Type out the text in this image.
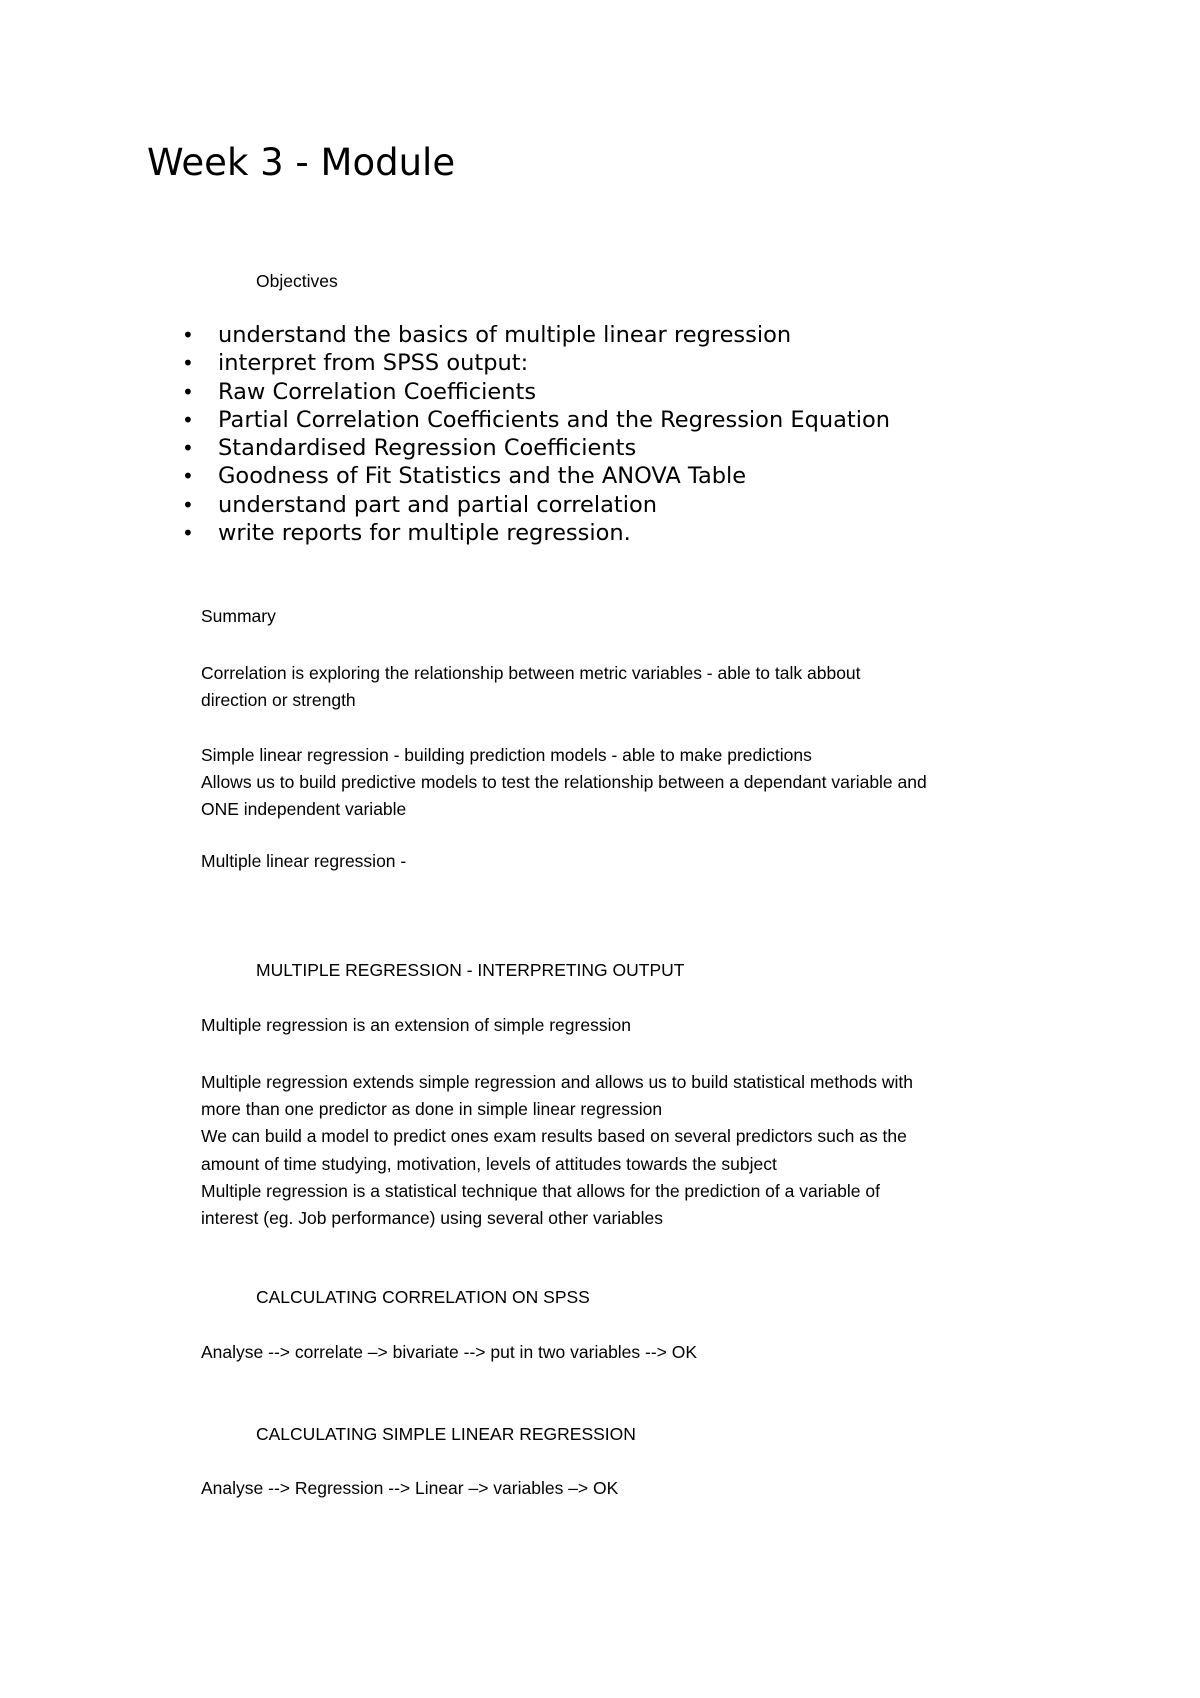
Week 3 - Module
Objectives
• understand the basics of multiple linear regression
• interpret from SPSS output:
• Raw Correlation Coefficients
• Partial Correlation Coefficients and the Regression Equation
• Standardised Regression Coefficients
• Goodness of Fit Statistics and the ANOVA Table
• understand part and partial correlation
• write reports for multiple regression.
Summary
Correlation is exploring the relationship between metric variables - able to talk abbout
direction or strength
Simple linear regression - building prediction models - able to make predictions
Allows us to build predictive models to test the relationship between a dependant variable and
ONE independent variable
Multiple linear regression -
MULTIPLE REGRESSION - INTERPRETING OUTPUT
Multiple regression is an extension of simple regression
Multiple regression extends simple regression and allows us to build statistical methods with
more than one predictor as done in simple linear regression
We can build a model to predict ones exam results based on several predictors such as the
amount of time studying, motivation, levels of attitudes towards the subject
Multiple regression is a statistical technique that allows for the prediction of a variable of
interest (eg. Job performance) using several other variables
CALCULATING CORRELATION ON SPSS
Analyse --> correlate –> bivariate --> put in two variables --> OK
CALCULATING SIMPLE LINEAR REGRESSION
Analyse --> Regression --> Linear –> variables –> OK
